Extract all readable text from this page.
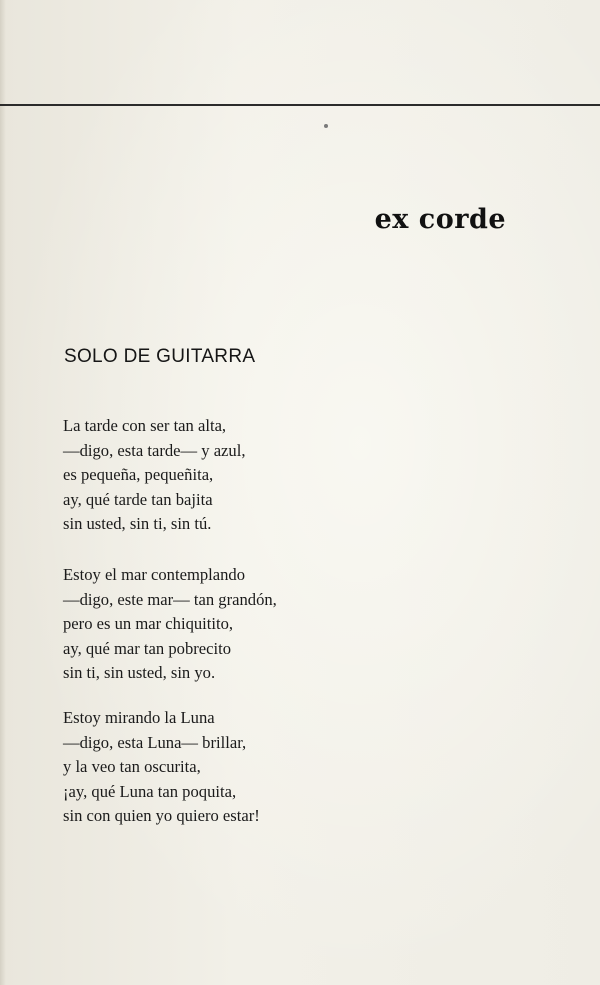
ex corde
SOLO DE GUITARRA

La tarde con ser tan alta,
—digo, esta tarde— y azul,
es pequeña, pequeñita,
ay, qué tarde tan bajita
sin usted, sin ti, sin tú.

Estoy el mar contemplando
—digo, este mar— tan grandón,
pero es un mar chiquitito,
ay, qué mar tan pobrecito
sin ti, sin usted, sin yo.

Estoy mirando la Luna
—digo, esta Luna— brillar,
y la veo tan oscurita,
¡ay, qué Luna tan poquita,
sin con quien yo quiero estar!
